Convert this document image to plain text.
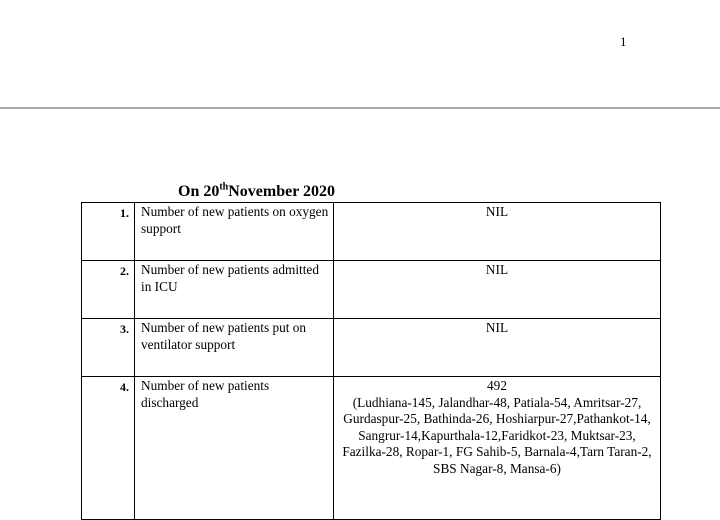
1
On 20thNovember 2020
1.	Number of new patients on oxygen support	NIL
2.	Number of new patients admitted in ICU	NIL
3.	Number of new patients put on ventilator support	NIL
4.	Number of new patients discharged	492
(Ludhiana-145, Jalandhar-48, Patiala-54, Amritsar-27, Gurdaspur-25, Bathinda-26, Hoshiarpur-27,Pathankot-14, Sangrur-14,Kapurthala-12,Faridkot-23, Muktsar-23, Fazilka-28, Ropar-1, FG Sahib-5, Barnala-4,Tarn Taran-2, SBS Nagar-8, Mansa-6)
